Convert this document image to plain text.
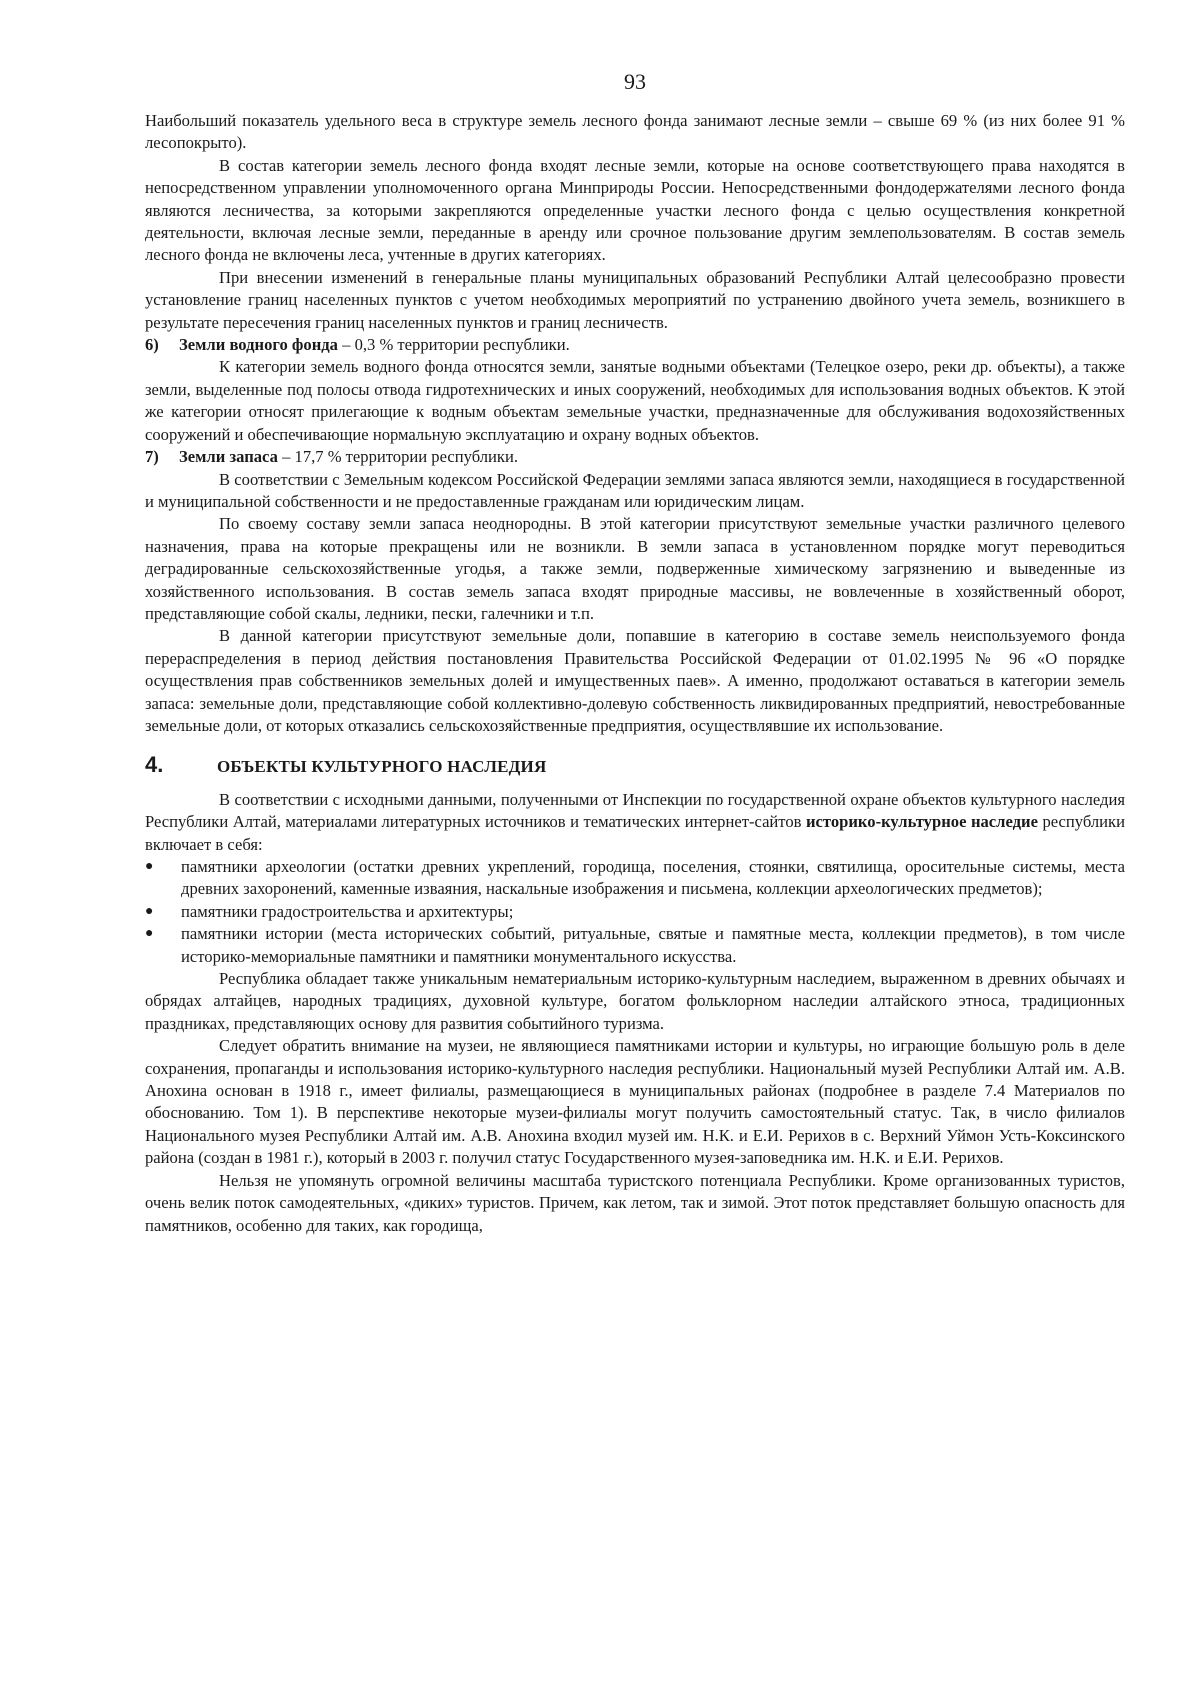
93

Наибольший показатель удельного веса в структуре земель лесного фонда занимают лесные земли – свыше 69 % (из них более 91 % лесопокрыто).

В состав категории земель лесного фонда входят лесные земли, которые на основе соответствующего права находятся в непосредственном управлении уполномоченного органа Минприроды России. Непосредственными фондодержателями лесного фонда являются лесничества, за которыми закрепляются определенные участки лесного фонда с целью осуществления конкретной деятельности, включая лесные земли, переданные в аренду или срочное пользование другим землепользователям. В состав земель лесного фонда не включены леса, учтенные в других категориях.

При внесении изменений в генеральные планы муниципальных образований Республики Алтай целесообразно провести установление границ населенных пунктов с учетом необходимых мероприятий по устранению двойного учета земель, возникшего в результате пересечения границ населенных пунктов и границ лесничеств.

6) Земли водного фонда – 0,3 % территории республики.

К категории земель водного фонда относятся земли, занятые водными объектами (Телецкое озеро, реки др. объекты), а также земли, выделенные под полосы отвода гидротехнических и иных сооружений, необходимых для использования водных объектов. К этой же категории относят прилегающие к водным объектам земельные участки, предназначенные для обслуживания водохозяйственных сооружений и обеспечивающие нормальную эксплуатацию и охрану водных объектов.

7) Земли запаса – 17,7 % территории республики.

В соответствии с Земельным кодексом Российской Федерации землями запаса являются земли, находящиеся в государственной и муниципальной собственности и не предоставленные гражданам или юридическим лицам.

По своему составу земли запаса неоднородны. В этой категории присутствуют земельные участки различного целевого назначения, права на которые прекращены или не возникли. В земли запаса в установленном порядке могут переводиться деградированные сельскохозяйственные угодья, а также земли, подверженные химическому загрязнению и выведенные из хозяйственного использования. В состав земель запаса входят природные массивы, не вовлеченные в хозяйственный оборот, представляющие собой скалы, ледники, пески, галечники и т.п.

В данной категории присутствуют земельные доли, попавшие в категорию в составе земель неиспользуемого фонда перераспределения в период действия постановления Правительства Российской Федерации от 01.02.1995 № 96 «О порядке осуществления прав собственников земельных долей и имущественных паев». А именно, продолжают оставаться в категории земель запаса: земельные доли, представляющие собой коллективно-долевую собственность ликвидированных предприятий, невостребованные земельные доли, от которых отказались сельскохозяйственные предприятия, осуществлявшие их использование.

4.	ОБЪЕКТЫ КУЛЬТУРНОГО НАСЛЕДИЯ

В соответствии с исходными данными, полученными от Инспекции по государственной охране объектов культурного наследия Республики Алтай, материалами литературных источников и тематических интернет-сайтов историко-культурное наследие республики включает в себя:

● памятники археологии (остатки древних укреплений, городища, поселения, стоянки, святилища, оросительные системы, места древних захоронений, каменные изваяния, наскальные изображения и письмена, коллекции археологических предметов);
● памятники градостроительства и архитектуры;
● памятники истории (места исторических событий, ритуальные, святые и памятные места, коллекции предметов), в том числе историко-мемориальные памятники и памятники монументального искусства.

Республика обладает также уникальным нематериальным историко-культурным наследием, выраженном в древних обычаях и обрядах алтайцев, народных традициях, духовной культуре, богатом фольклорном наследии алтайского этноса, традиционных праздниках, представляющих основу для развития событийного туризма.

Следует обратить внимание на музеи, не являющиеся памятниками истории и культуры, но играющие большую роль в деле сохранения, пропаганды и использования историко-культурного наследия республики. Национальный музей Республики Алтай им. А.В. Анохина основан в 1918 г., имеет филиалы, размещающиеся в муниципальных районах (подробнее в разделе 7.4 Материалов по обоснованию. Том 1). В перспективе некоторые музеи-филиалы могут получить самостоятельный статус. Так, в число филиалов Национального музея Республики Алтай им. А.В. Анохина входил музей им. Н.К. и Е.И. Рерихов в с. Верхний Уймон Усть-Коксинского района (создан в 1981 г.), который в 2003 г. получил статус Государственного музея-заповедника им. Н.К. и Е.И. Рерихов.

Нельзя не упомянуть огромной величины масштаба туристского потенциала Республики. Кроме организованных туристов, очень велик поток самодеятельных, «диких» туристов. Причем, как летом, так и зимой. Этот поток представляет большую опасность для памятников, особенно для таких, как городища,
